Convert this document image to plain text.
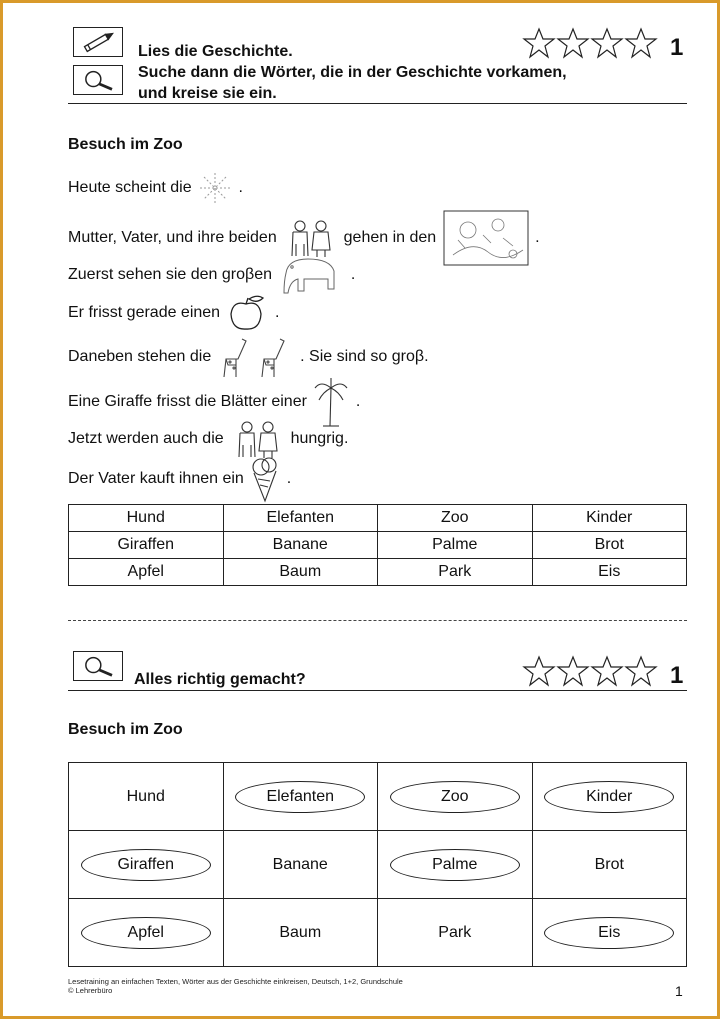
Lies die Geschichte.
Suche dann die Wörter, die in der Geschichte vorkamen,
und kreise sie ein.
1
Besuch im Zoo
Heute scheint die	.
Mutter, Vater, und ihre beiden	gehen in den	.
Zuerst sehen sie den groβen	.
Er frisst gerade einen	.
Daneben stehen die	. Sie sind so groβ.
Eine Giraffe frisst die Blätter einer	.
Jetzt werden auch die	hungrig.
Der Vater kauft ihnen ein	.
Hund	Elefanten	Zoo	Kinder
Giraffen	Banane	Palme	Brot
Apfel	Baum	Park	Eis
Alles richtig gemacht?	1
Besuch im Zoo
Hund	Elefanten	Zoo	Kinder
Giraffen	Banane	Palme	Brot
Apfel	Baum	Park	Eis
Lesetraining an einfachen Texten, Wörter aus der Geschichte einkreisen, Deutsch, 1+2, Grundschule
© Lehrerbüro	1
